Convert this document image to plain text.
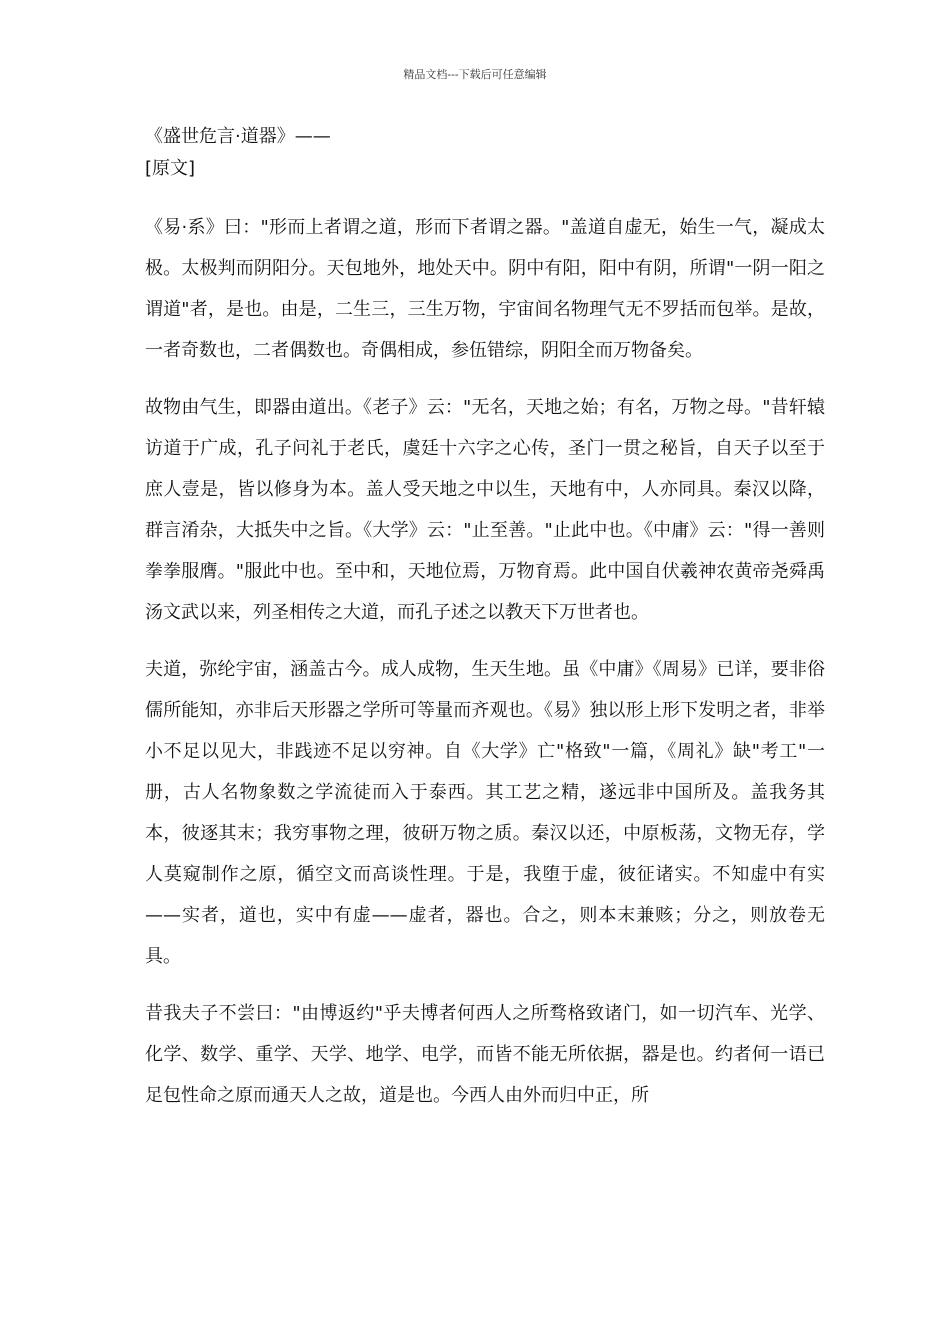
精品文档---下载后可任意编辑

《盛世危言·道器》——

[原文]

《易·系》曰："形而上者谓之道，形而下者谓之器。"盖道自虚无，始生一气，凝成太极。太极判而阴阳分。天包地外，地处天中。阴中有阳，阳中有阴，所谓"一阴一阳之谓道"者，是也。由是，二生三，三生万物，宇宙间名物理气无不罗括而包举。是故，一者奇数也，二者偶数也。奇偶相成，参伍错综，阴阳全而万物备矣。

故物由气生，即器由道出。《老子》云："无名，天地之始；有名，万物之母。"昔轩辕访道于广成，孔子问礼于老氏，虞廷十六字之心传，圣门一贯之秘旨，自天子以至于庶人壹是，皆以修身为本。盖人受天地之中以生，天地有中，人亦同具。秦汉以降，群言淆杂，大抵失中之旨。《大学》云："止至善。"止此中也。《中庸》云："得一善则拳拳服膺。"服此中也。至中和，天地位焉，万物育焉。此中国自伏羲神农黄帝尧舜禹汤文武以来，列圣相传之大道，而孔子述之以教天下万世者也。

夫道，弥纶宇宙，涵盖古今。成人成物，生天生地。虽《中庸》《周易》已详，要非俗儒所能知，亦非后天形器之学所可等量而齐观也。《易》独以形上形下发明之者，非举小不足以见大，非践迹不足以穷神。自《大学》亡"格致"一篇，《周礼》缺"考工"一册，古人名物象数之学流徒而入于泰西。其工艺之精，遂远非中国所及。盖我务其本，彼逐其末；我穷事物之理，彼研万物之质。秦汉以还，中原板荡，文物无存，学人莫窥制作之原，循空文而高谈性理。于是，我堕于虚，彼征诸实。不知虚中有实——实者，道也，实中有虚——虚者，器也。合之，则本末兼赅；分之，则放卷无具。

昔我夫子不尝曰："由博返约"乎夫博者何西人之所骛格致诸门，如一切汽车、光学、化学、数学、重学、天学、地学、电学，而皆不能无所依据，器是也。约者何一语已足包性命之原而通天人之故，道是也。今西人由外而归中正，所
